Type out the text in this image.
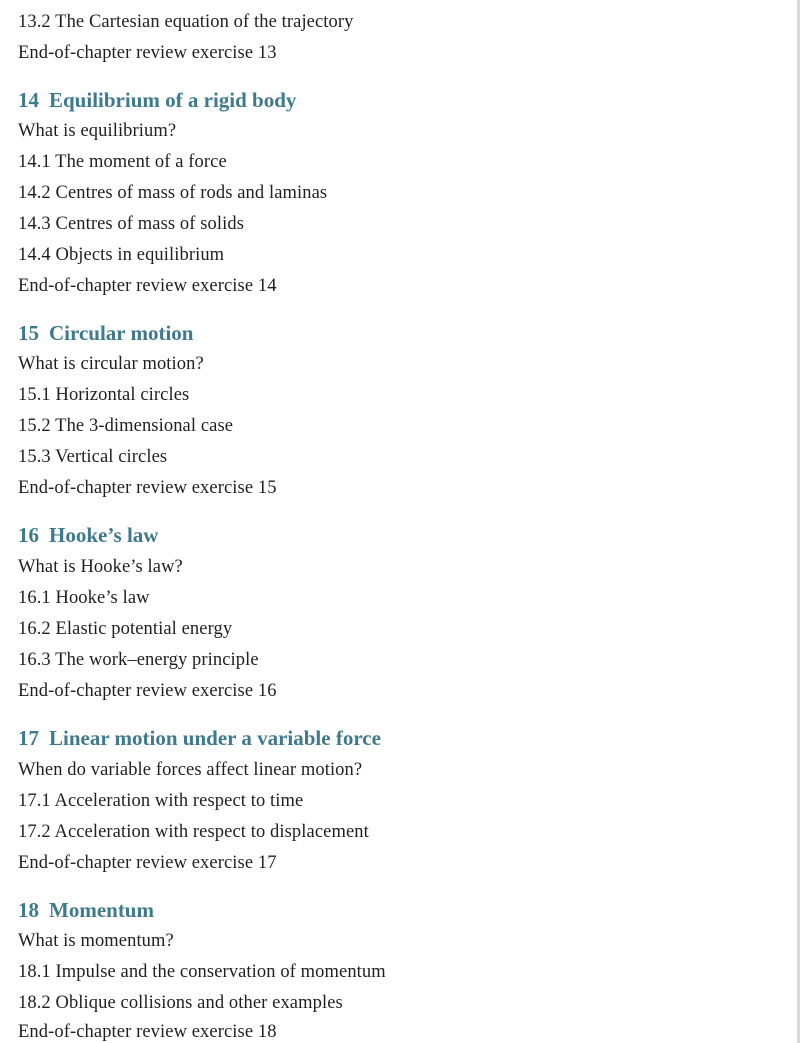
13.2 The Cartesian equation of the trajectory
End-of-chapter review exercise 13
14 Equilibrium of a rigid body
What is equilibrium?
14.1 The moment of a force
14.2 Centres of mass of rods and laminas
14.3 Centres of mass of solids
14.4 Objects in equilibrium
End-of-chapter review exercise 14
15 Circular motion
What is circular motion?
15.1 Horizontal circles
15.2 The 3-dimensional case
15.3 Vertical circles
End-of-chapter review exercise 15
16 Hooke’s law
What is Hooke’s law?
16.1 Hooke’s law
16.2 Elastic potential energy
16.3 The work–energy principle
End-of-chapter review exercise 16
17 Linear motion under a variable force
When do variable forces affect linear motion?
17.1 Acceleration with respect to time
17.2 Acceleration with respect to displacement
End-of-chapter review exercise 17
18 Momentum
What is momentum?
18.1 Impulse and the conservation of momentum
18.2 Oblique collisions and other examples
End-of-chapter review exercise 18
